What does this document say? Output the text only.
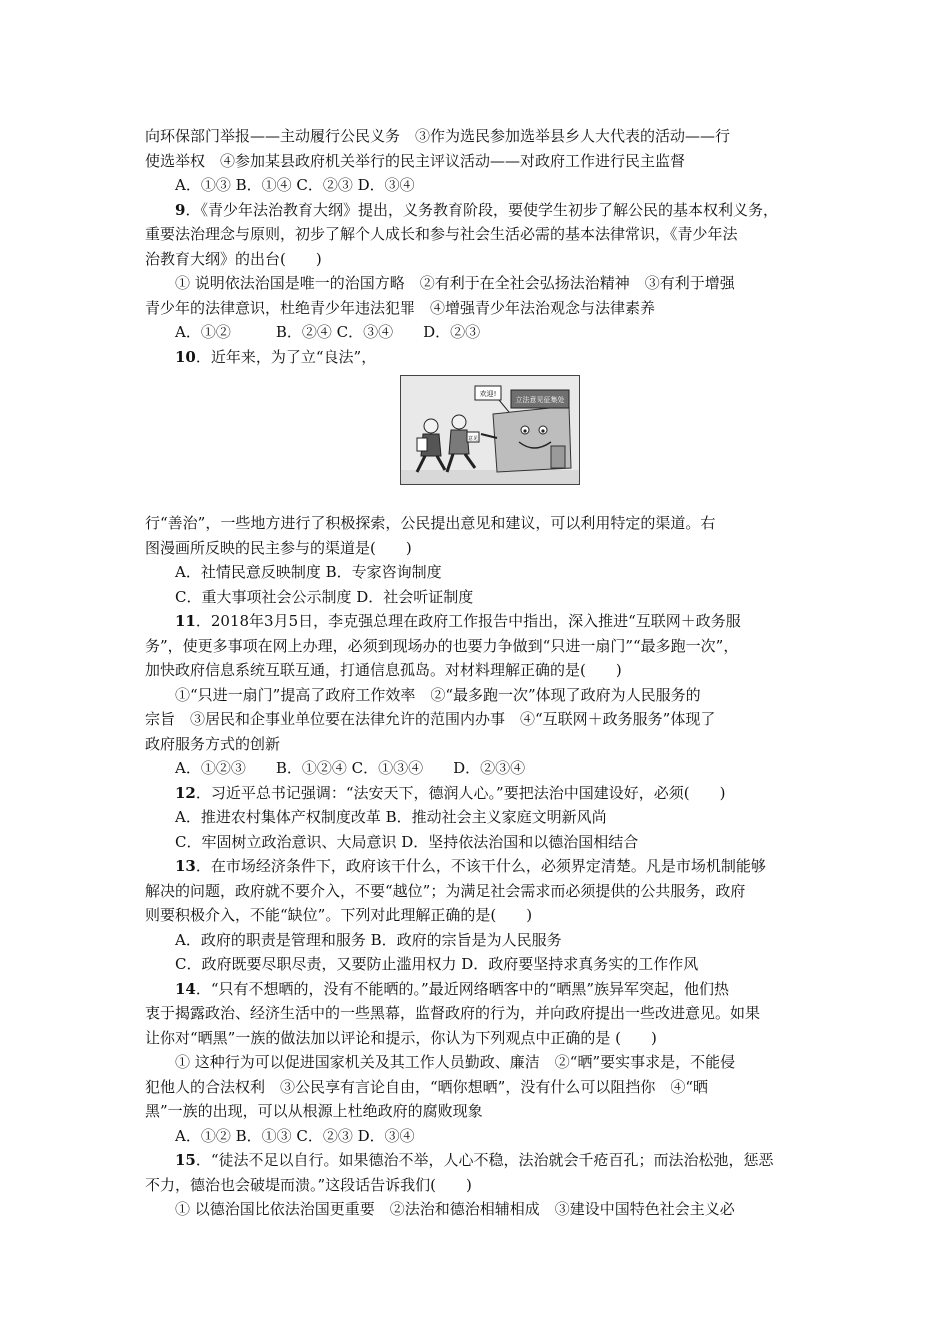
向环保部门举报——主动履行公民义务　③作为选民参加选举县乡人大代表的活动——行
使选举权　④参加某县政府机关举行的民主评议活动——对政府工作进行民主监督
A．①③ B．①④ C．②③ D．③④
9．《青少年法治教育大纲》提出，义务教育阶段，要使学生初步了解公民的基本权利义务，
重要法治理念与原则，初步了解个人成长和参与社会生活必需的基本法律常识，《青少年法
治教育大纲》的出台(　　)
① 说明依法治国是唯一的治国方略　②有利于在全社会弘扬法治精神　③有利于增强
青少年的法律意识，杜绝青少年违法犯罪　④增强青少年法治观念与法律素养
A．①②　　　B．②④ C．③④　　D．②③
10．近年来，为了立“良法”，
立法意见征集处
欢迎!
意见
行“善治”，一些地方进行了积极探索，公民提出意见和建议，可以利用特定的渠道。右
图漫画所反映的民主参与的渠道是(　　)
A．社情民意反映制度 B．专家咨询制度
C．重大事项社会公示制度 D．社会听证制度
11．2018年3月5日，李克强总理在政府工作报告中指出，深入推进“互联网＋政务服
务”，使更多事项在网上办理，必须到现场办的也要力争做到“只进一扇门”“最多跑一次”，
加快政府信息系统互联互通，打通信息孤岛。对材料理解正确的是(　　)
①“只进一扇门”提高了政府工作效率　②“最多跑一次”体现了政府为人民服务的
宗旨　③居民和企事业单位要在法律允许的范围内办事　④“互联网＋政务服务”体现了
政府服务方式的创新
A．①②③　　B．①②④ C．①③④　　D．②③④
12．习近平总书记强调：“法安天下，德润人心。”要把法治中国建设好，必须(　　)
A．推进农村集体产权制度改革 B．推动社会主义家庭文明新风尚
C．牢固树立政治意识、大局意识 D．坚持依法治国和以德治国相结合
13．在市场经济条件下，政府该干什么，不该干什么，必须界定清楚。凡是市场机制能够
解决的问题，政府就不要介入，不要“越位”；为满足社会需求而必须提供的公共服务，政府
则要积极介入，不能“缺位”。下列对此理解正确的是(　　)
A．政府的职责是管理和服务 B．政府的宗旨是为人民服务
C．政府既要尽职尽责，又要防止滥用权力 D．政府要坚持求真务实的工作作风
14．“只有不想晒的，没有不能晒的。”最近网络晒客中的“晒黑”族异军突起，他们热
衷于揭露政治、经济生活中的一些黑幕，监督政府的行为，并向政府提出一些改进意见。如果
让你对“晒黑”一族的做法加以评论和提示，你认为下列观点中正确的是 (　　)
① 这种行为可以促进国家机关及其工作人员勤政、廉洁　②“晒”要实事求是，不能侵
犯他人的合法权利　③公民享有言论自由，“晒你想晒”，没有什么可以阻挡你　④“晒
黑”一族的出现，可以从根源上杜绝政府的腐败现象
A．①② B．①③ C．②③ D．③④
15．“徒法不足以自行。如果德治不举，人心不稳，法治就会千疮百孔；而法治松弛，惩恶
不力，德治也会破堤而溃。”这段话告诉我们(　　)
① 以德治国比依法治国更重要　②法治和德治相辅相成　③建设中国特色社会主义必
